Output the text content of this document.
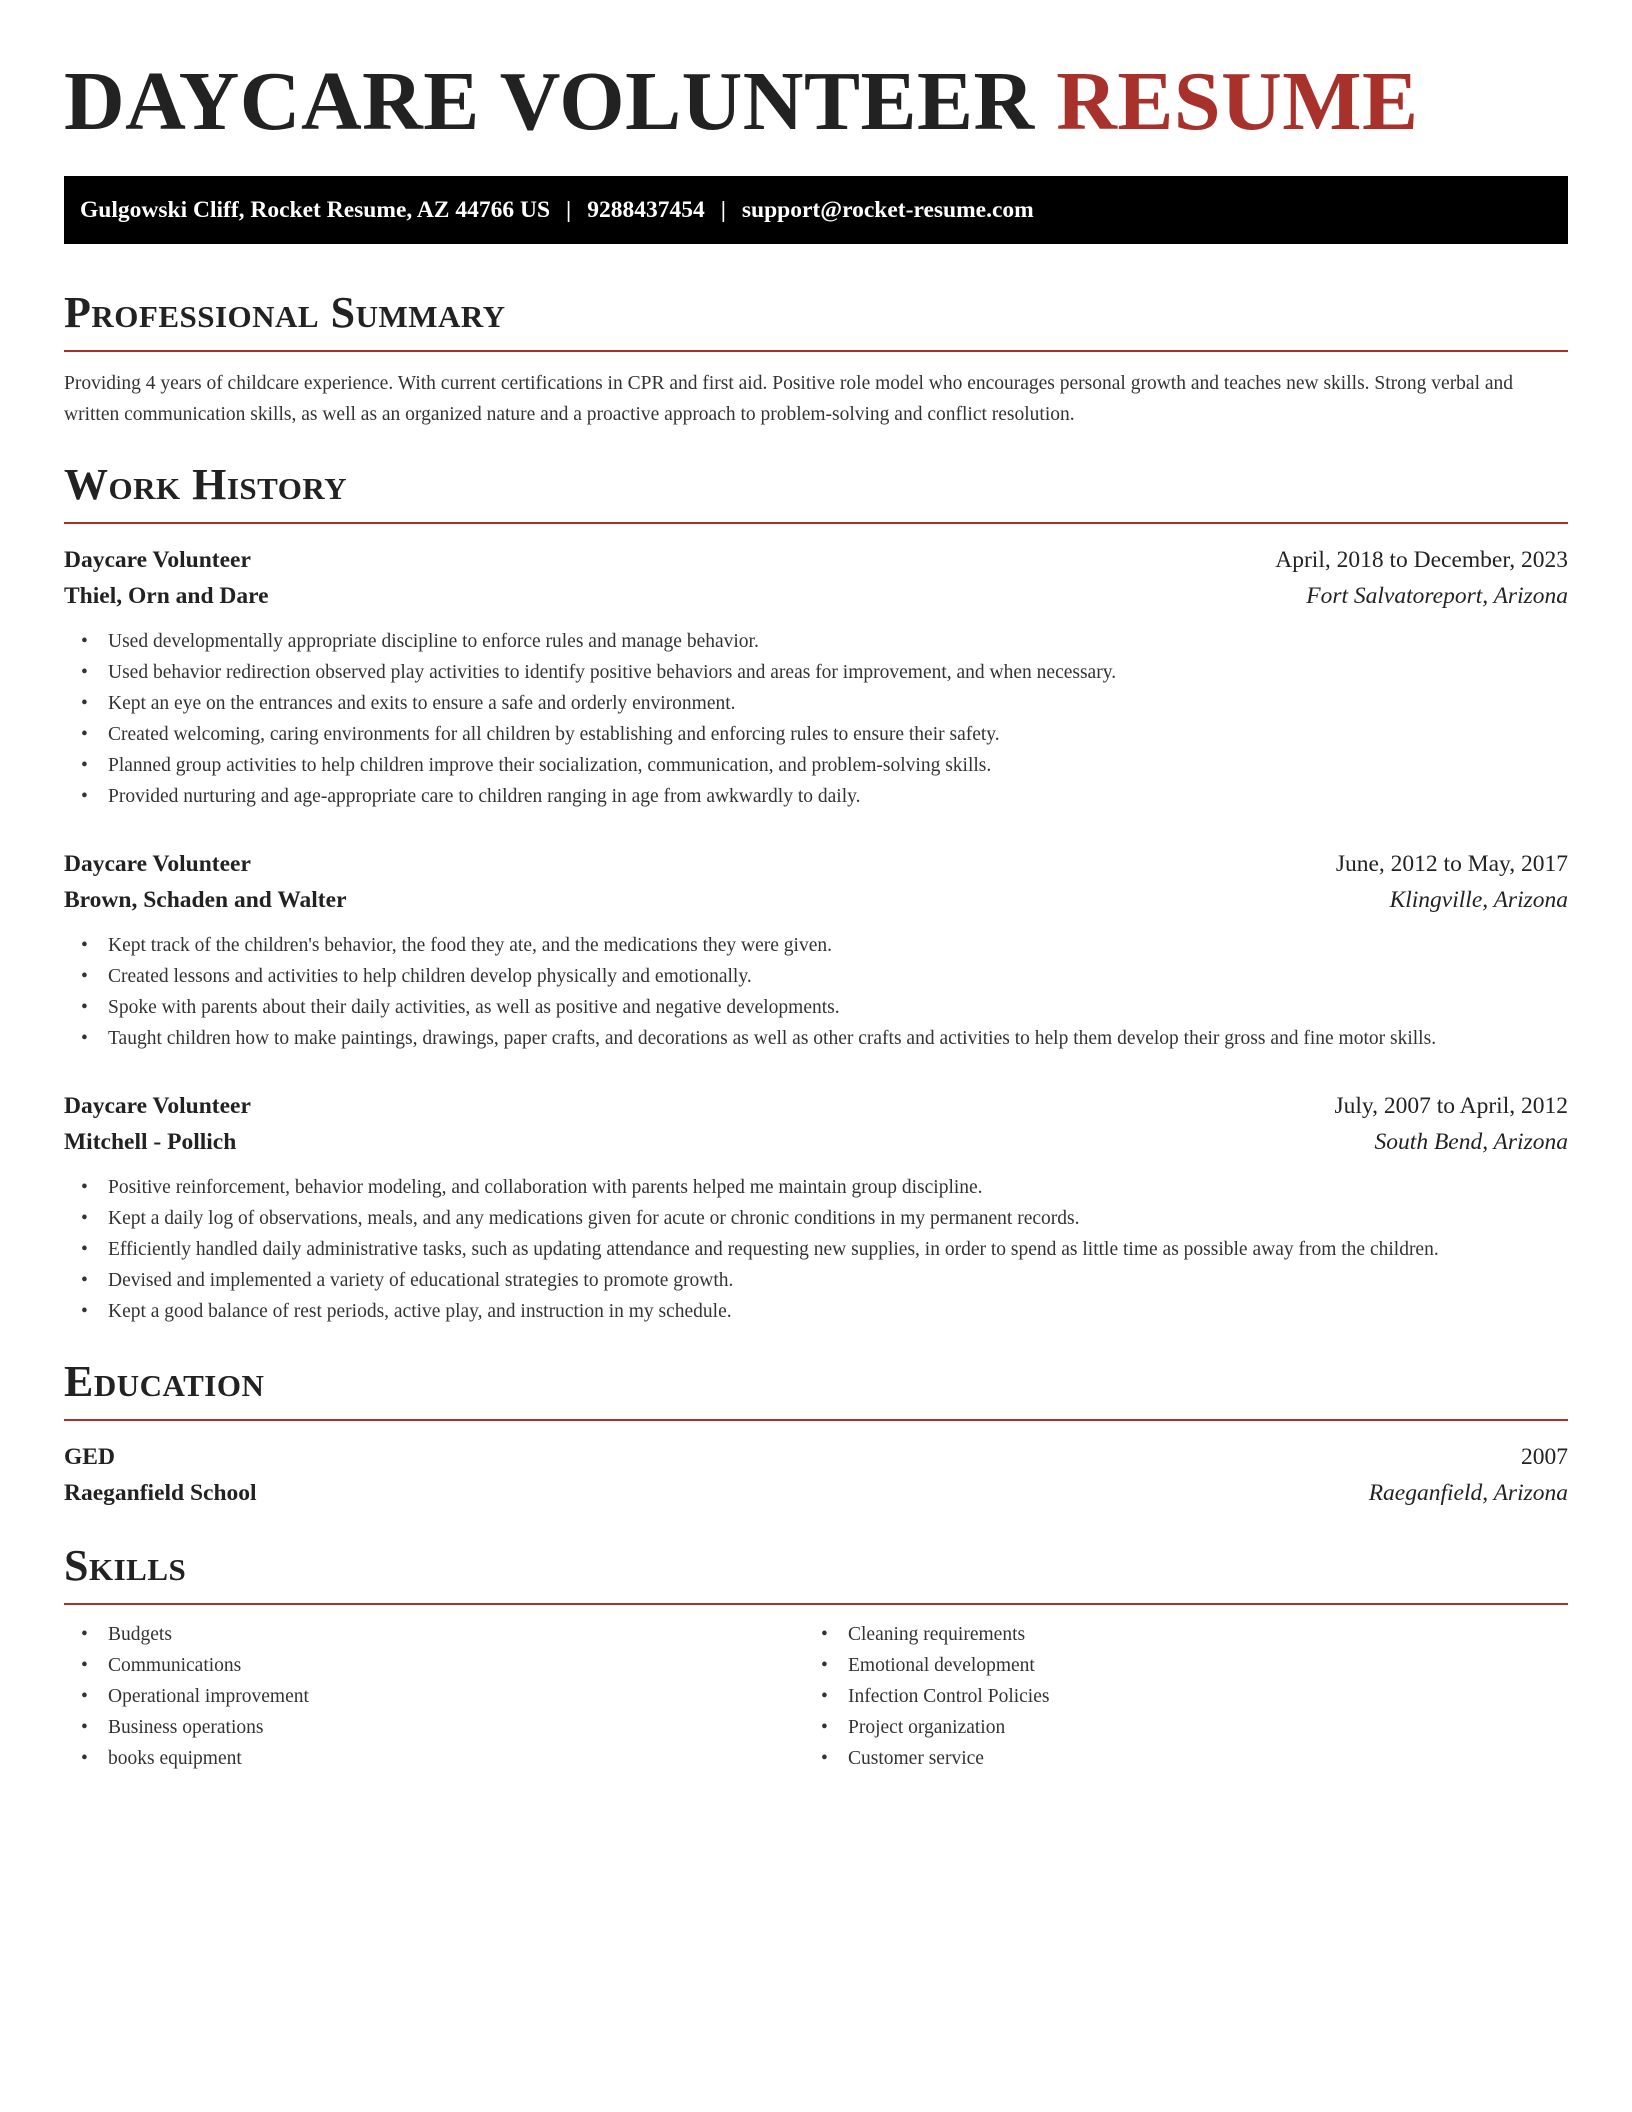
DAYCARE VOLUNTEER RESUME
Gulgowski Cliff, Rocket Resume, AZ 44766 US | 9288437454 | support@rocket-resume.com
Professional Summary

Providing 4 years of childcare experience. With current certifications in CPR and first aid. Positive role model who encourages personal growth and teaches new skills. Strong verbal and written communication skills, as well as an organized nature and a proactive approach to problem-solving and conflict resolution.

Work History
Daycare Volunteer	April, 2018 to December, 2023
Thiel, Orn and Dare	Fort Salvatoreport, Arizona
• Used developmentally appropriate discipline to enforce rules and manage behavior.
• Used behavior redirection observed play activities to identify positive behaviors and areas for improvement, and when necessary.
• Kept an eye on the entrances and exits to ensure a safe and orderly environment.
• Created welcoming, caring environments for all children by establishing and enforcing rules to ensure their safety.
• Planned group activities to help children improve their socialization, communication, and problem-solving skills.
• Provided nurturing and age-appropriate care to children ranging in age from awkwardly to daily.
Daycare Volunteer	June, 2012 to May, 2017
Brown, Schaden and Walter	Klingville, Arizona
• Kept track of the children's behavior, the food they ate, and the medications they were given.
• Created lessons and activities to help children develop physically and emotionally.
• Spoke with parents about their daily activities, as well as positive and negative developments.
• Taught children how to make paintings, drawings, paper crafts, and decorations as well as other crafts and activities to help them develop their gross and fine motor skills.
Daycare Volunteer	July, 2007 to April, 2012
Mitchell - Pollich	South Bend, Arizona
• Positive reinforcement, behavior modeling, and collaboration with parents helped me maintain group discipline.
• Kept a daily log of observations, meals, and any medications given for acute or chronic conditions in my permanent records.
• Efficiently handled daily administrative tasks, such as updating attendance and requesting new supplies, in order to spend as little time as possible away from the children.
• Devised and implemented a variety of educational strategies to promote growth.
• Kept a good balance of rest periods, active play, and instruction in my schedule.
Education
GED	2007
Raeganfield School	Raeganfield, Arizona
Skills
• Budgets
• Communications
• Operational improvement
• Business operations
• books equipment
• Cleaning requirements
• Emotional development
• Infection Control Policies
• Project organization
• Customer service
